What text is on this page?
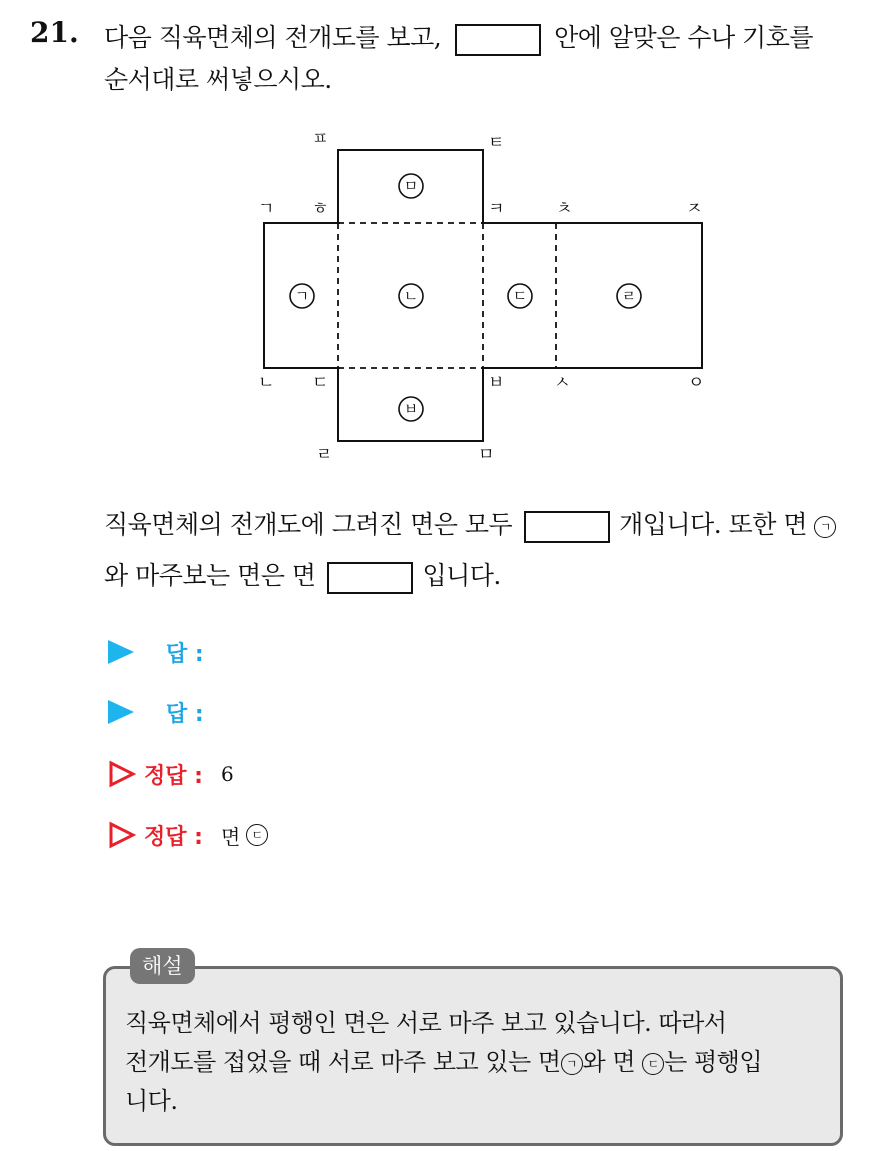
21. 다음 직육면체의 전개도를 보고,	안에 알맞은 수나 기호를
순서대로 써넣으시오.
ㅍ	ㅌ
ㄱ ㅎ	ㅋ	ㅊ	ㅈ
ㄴ ㄷ	ㅂ	ㅅ	ㅇ
ㄹ	ㅁ
ㅁ
ㄱ	ㄴ	ㄷ	ㄹ
ㅂ
직육면체의 전개도에 그려진 면은 모두	개입니다. 또한 면 ㄱ
와 마주보는 면은 면	입니다.
답 :
답 :
정답 : 6
정답 : 면 ㄷ
해설
직육면체에서 평행인 면은 서로 마주 보고 있습니다. 따라서
전개도를 접었을 때 서로 마주 보고 있는 면 ㄱ 와 면 ㄷ 는 평행입
니다.
